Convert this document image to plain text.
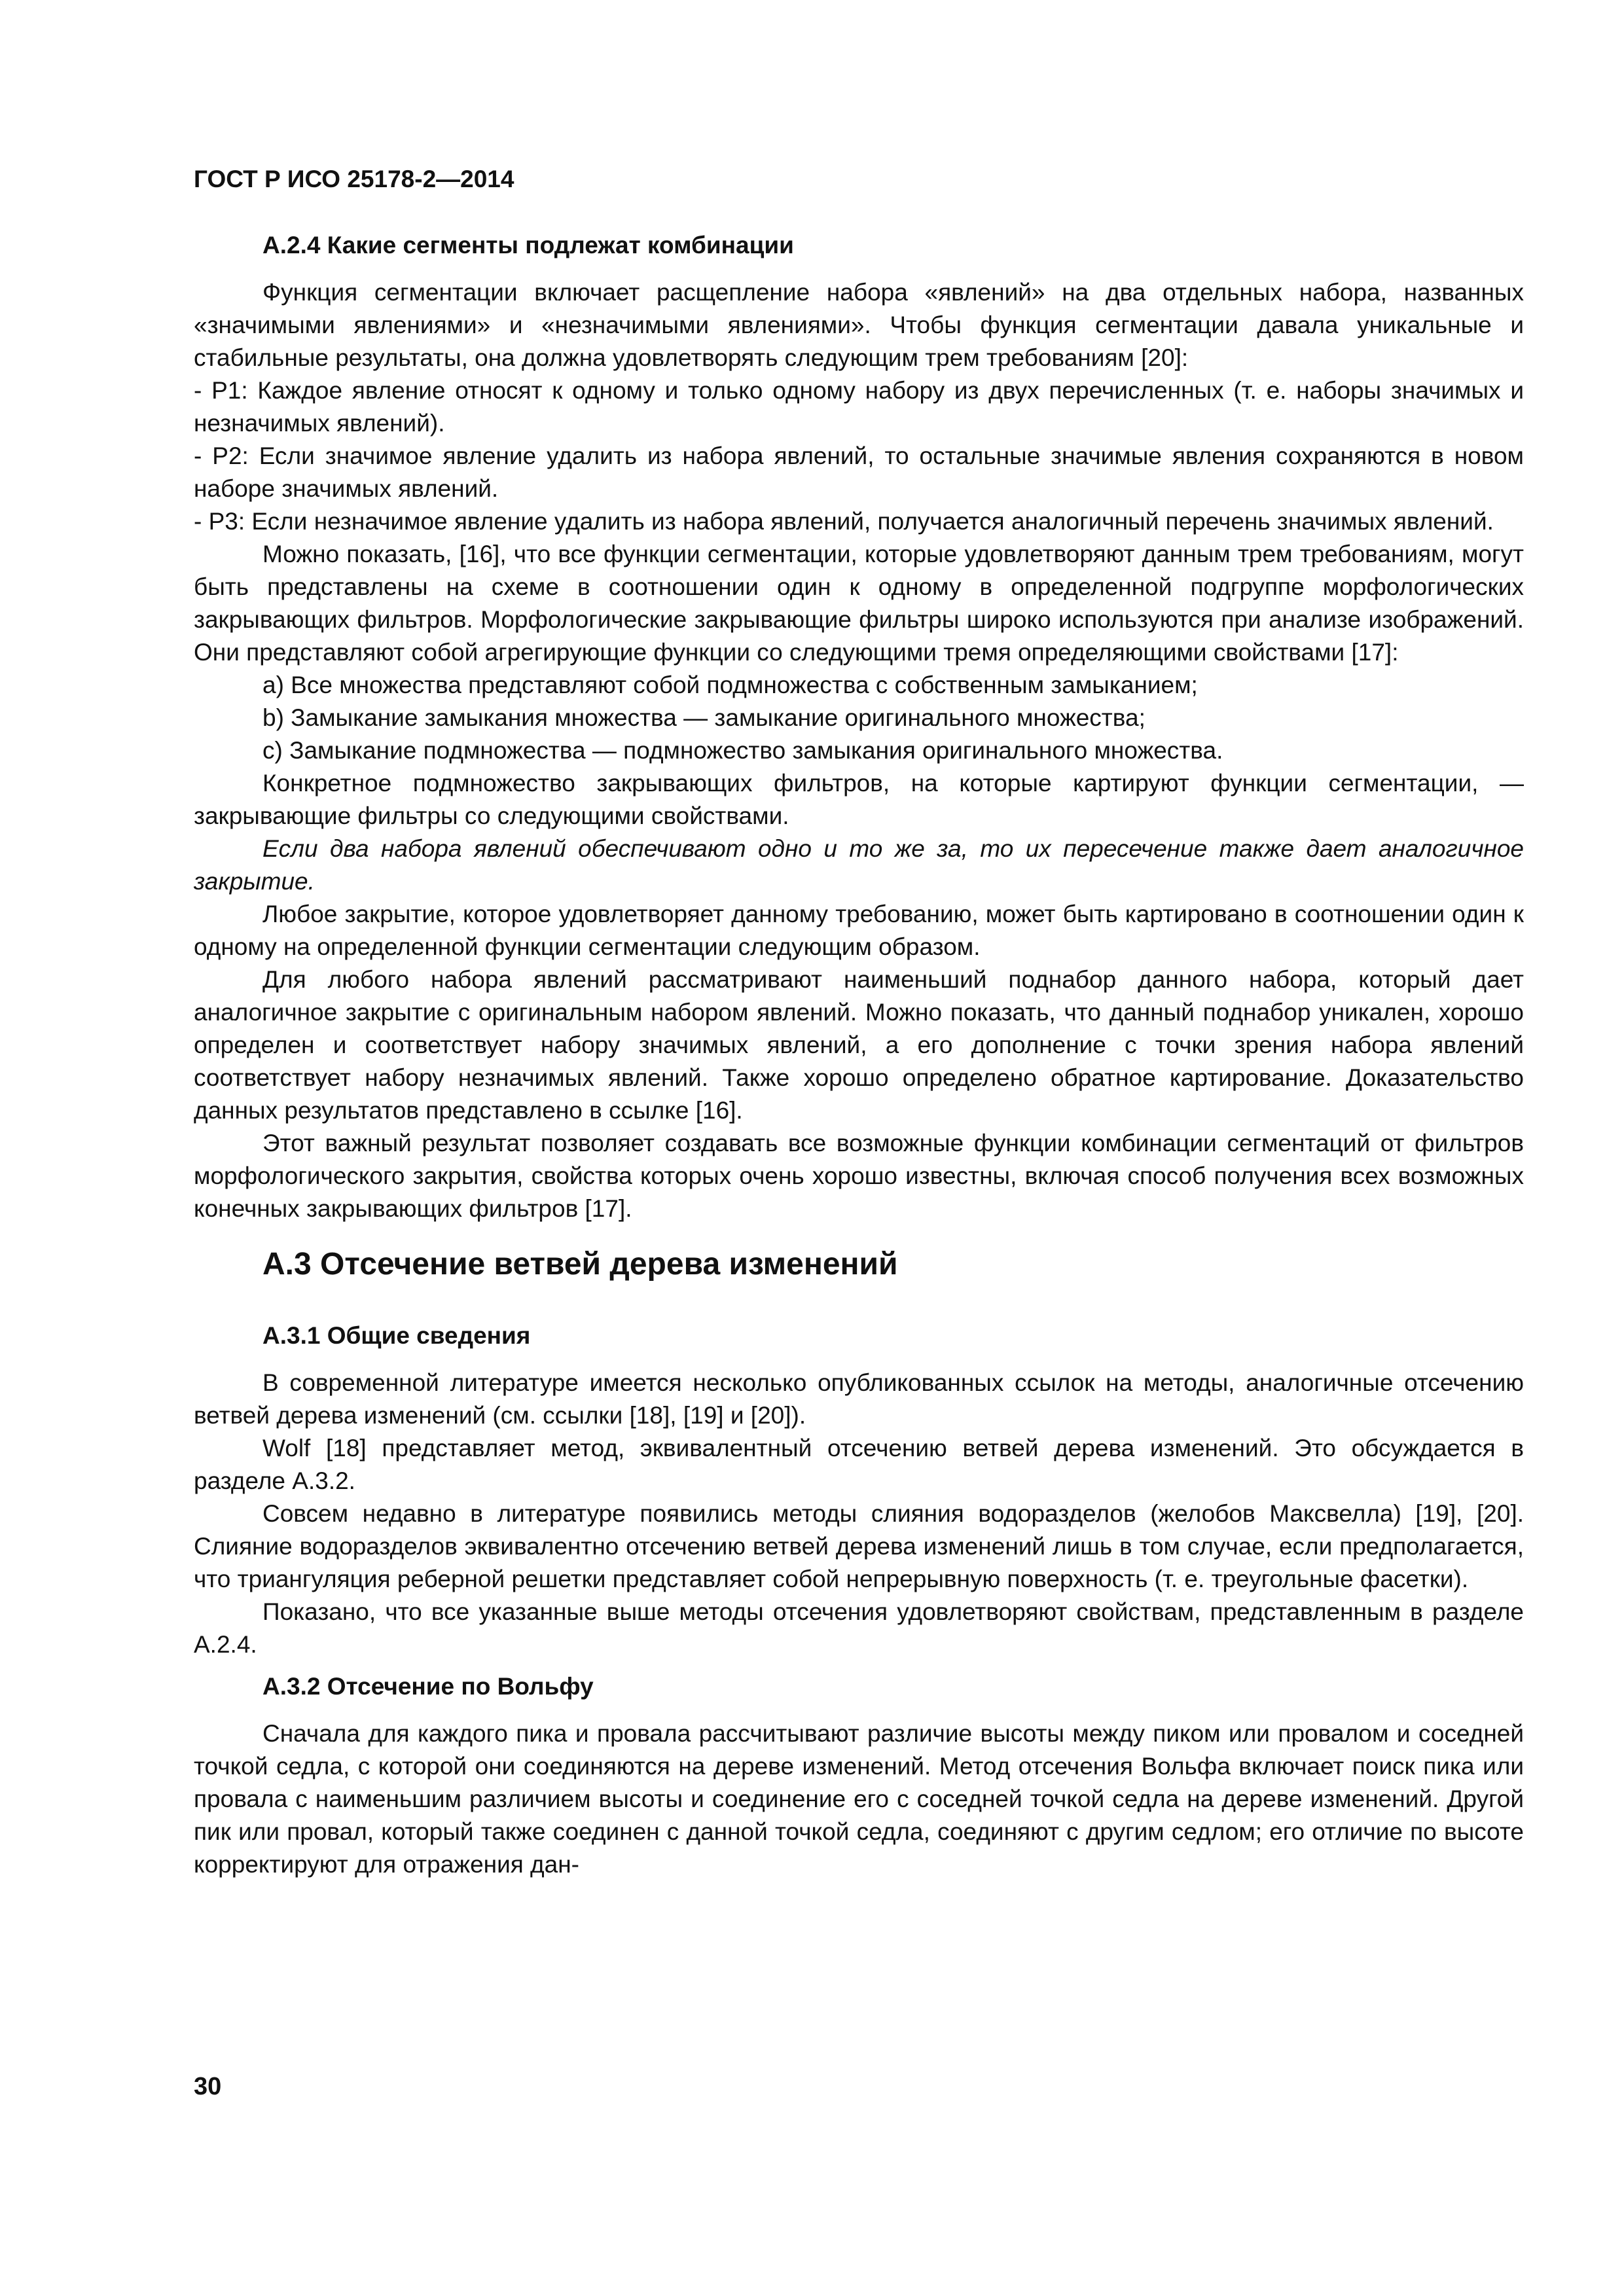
ГОСТ Р ИСО 25178-2—2014
А.2.4 Какие сегменты подлежат комбинации

Функция сегментации включает расщепление набора «явлений» на два отдельных набора, названных «значимыми явлениями» и «незначимыми явлениями». Чтобы функция сегментации давала уникальные и стабильные результаты, она должна удовлетворять следующим трем требованиям [20]:

- Р1: Каждое явление относят к одному и только одному набору из двух перечисленных (т. е. наборы значимых и незначимых явлений).

- Р2: Если значимое явление удалить из набора явлений, то остальные значимые явления сохраняются в новом наборе значимых явлений.

- Р3: Если незначимое явление удалить из набора явлений, получается аналогичный перечень значимых явлений.

Можно показать, [16], что все функции сегментации, которые удовлетворяют данным трем требованиям, могут быть представлены на схеме в соотношении один к одному в определенной подгруппе морфологических закрывающих фильтров. Морфологические закрывающие фильтры широко используются при анализе изображений. Они представляют собой агрегирующие функции со следующими тремя определяющими свойствами [17]:

а) Все множества представляют собой подмножества с собственным замыканием;

b) Замыкание замыкания множества — замыкание оригинального множества;

c) Замыкание подмножества — подмножество замыкания оригинального множества.

Конкретное подмножество закрывающих фильтров, на которые картируют функции сегментации, — закрывающие фильтры со следующими свойствами.

Если два набора явлений обеспечивают одно и то же за, то их пересечение также дает аналогичное закрытие.

Любое закрытие, которое удовлетворяет данному требованию, может быть картировано в соотношении один к одному на определенной функции сегментации следующим образом.

Для любого набора явлений рассматривают наименьший поднабор данного набора, который дает аналогичное закрытие с оригинальным набором явлений. Можно показать, что данный поднабор уникален, хорошо определен и соответствует набору значимых явлений, а его дополнение с точки зрения набора явлений соответствует набору незначимых явлений. Также хорошо определено обратное картирование. Доказательство данных результатов представлено в ссылке [16].

Этот важный результат позволяет создавать все возможные функции комбинации сегментаций от фильтров морфологического закрытия, свойства которых очень хорошо известны, включая способ получения всех возможных конечных закрывающих фильтров [17].

А.3 Отсечение ветвей дерева изменений
А.3.1 Общие сведения

В современной литературе имеется несколько опубликованных ссылок на методы, аналогичные отсечению ветвей дерева изменений (см. ссылки [18], [19] и [20]).

Wolf [18] представляет метод, эквивалентный отсечению ветвей дерева изменений. Это обсуждается в разделе А.3.2.

Совсем недавно в литературе появились методы слияния водоразделов (желобов Максвелла) [19], [20]. Слияние водоразделов эквивалентно отсечению ветвей дерева изменений лишь в том случае, если предполагается, что триангуляция реберной решетки представляет собой непрерывную поверхность (т. е. треугольные фасетки).

Показано, что все указанные выше методы отсечения удовлетворяют свойствам, представленным в разделе А.2.4.

А.3.2 Отсечение по Вольфу

Сначала для каждого пика и провала рассчитывают различие высоты между пиком или провалом и соседней точкой седла, с которой они соединяются на дереве изменений. Метод отсечения Вольфа включает поиск пика или провала с наименьшим различием высоты и соединение его с соседней точкой седла на дереве изменений. Другой пик или провал, который также соединен с данной точкой седла, соединяют с другим седлом; его отличие по высоте корректируют для отражения дан-

30
